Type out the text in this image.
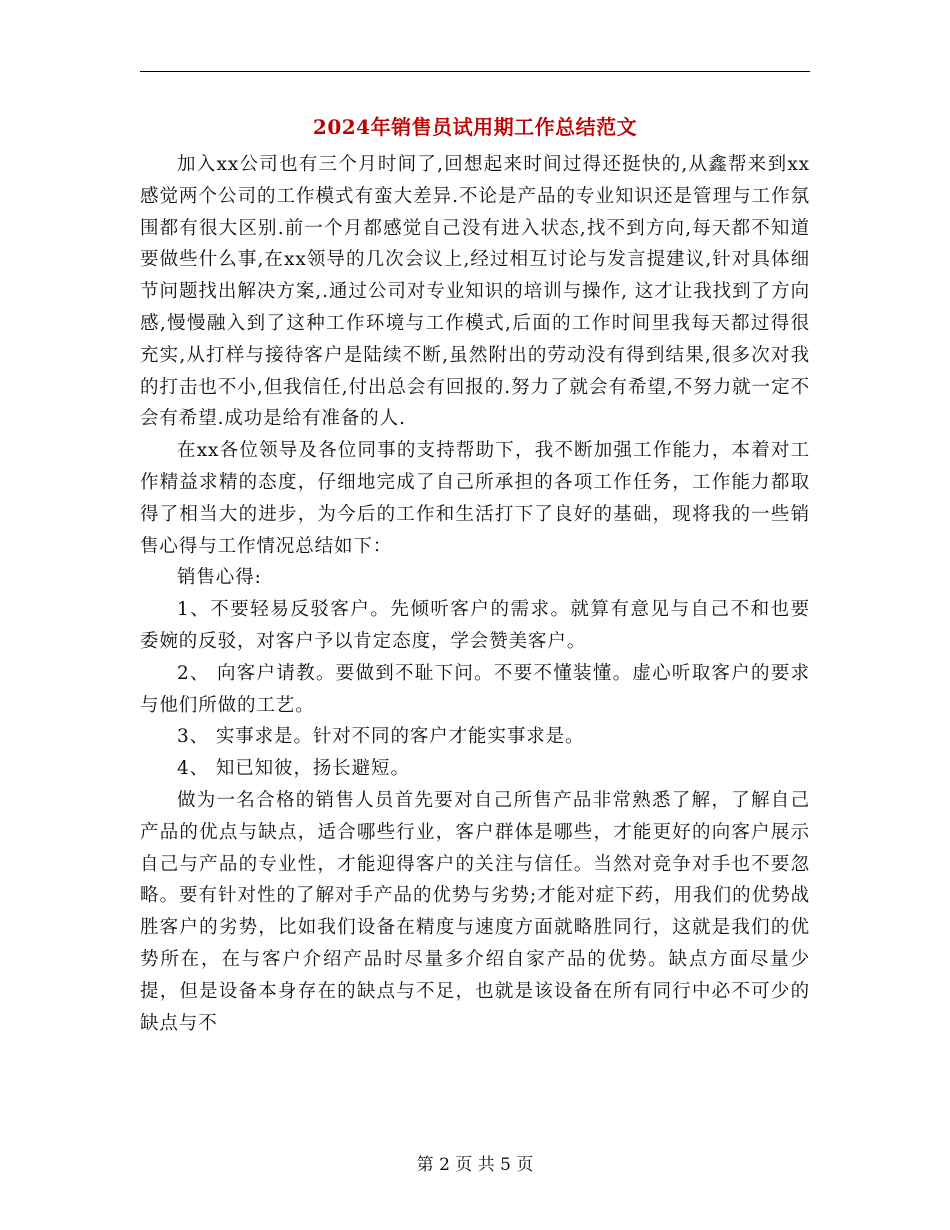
2024年销售员试用期工作总结范文

加入xx公司也有三个月时间了,回想起来时间过得还挺快的,从鑫帮来到xx感觉两个公司的工作模式有蛮大差异.不论是产品的专业知识还是管理与工作氛围都有很大区别.前一个月都感觉自己没有进入状态,找不到方向,每天都不知道要做些什么事,在xx领导的几次会议上,经过相互讨论与发言提建议,针对具体细节问题找出解决方案,.通过公司对专业知识的培训与操作, 这才让我找到了方向感,慢慢融入到了这种工作环境与工作模式,后面的工作时间里我每天都过得很充实,从打样与接待客户是陆续不断,虽然附出的劳动没有得到结果,很多次对我的打击也不小,但我信任,付出总会有回报的.努力了就会有希望,不努力就一定不会有希望.成功是给有准备的人.

在xx各位领导及各位同事的支持帮助下，我不断加强工作能力，本着对工作精益求精的态度，仔细地完成了自己所承担的各项工作任务，工作能力都取得了相当大的进步，为今后的工作和生活打下了良好的基础，现将我的一些销售心得与工作情况总结如下：

销售心得:

1、不要轻易反驳客户。先倾听客户的需求。就算有意见与自己不和也要委婉的反驳，对客户予以肯定态度，学会赞美客户。

2、 向客户请教。要做到不耻下问。不要不懂装懂。虚心听取客户的要求与他们所做的工艺。

3、 实事求是。针对不同的客户才能实事求是。

4、 知已知彼，扬长避短。

做为一名合格的销售人员首先要对自己所售产品非常熟悉了解，了解自己产品的优点与缺点，适合哪些行业，客户群体是哪些，才能更好的向客户展示自己与产品的专业性，才能迎得客户的关注与信任。当然对竞争对手也不要忽略。要有针对性的了解对手产品的优势与劣势;才能对症下药，用我们的优势战胜客户的劣势，比如我们设备在精度与速度方面就略胜同行，这就是我们的优势所在，在与客户介绍产品时尽量多介绍自家产品的优势。缺点方面尽量少提，但是设备本身存在的缺点与不足，也就是该设备在所有同行中必不可少的缺点与不

第 2 页 共 5 页
